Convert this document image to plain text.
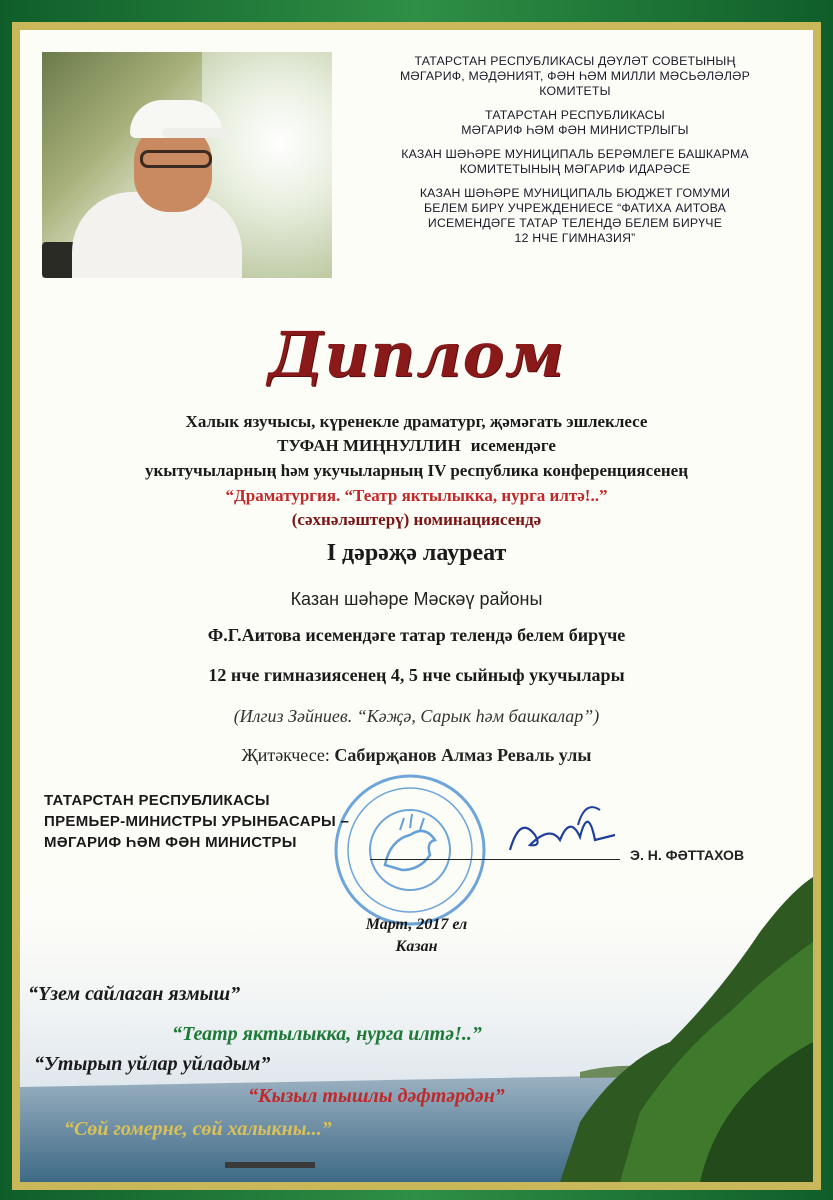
ТАТАРСТАН РЕСПУБЛИКАСЫ ДӘҮЛӘТ СОВЕТЫНЫҢ
МӘГАРИФ, МӘДӘНИЯТ, ФӘН ҺӘМ МИЛЛИ МӘСЬӘЛӘЛӘР
КОМИТЕТЫ
ТАТАРСТАН РЕСПУБЛИКАСЫ
МӘГАРИФ ҺӘМ ФӘН МИНИСТРЛЫГЫ
КАЗАН ШӘҺӘРЕ МУНИЦИПАЛЬ БЕРӘМЛЕГЕ БАШКАРМА
КОМИТЕТЫНЫҢ МӘГАРИФ ИДАРӘСЕ
КАЗАН ШӘҺӘРЕ МУНИЦИПАЛЬ БЮДЖЕТ ГОМУМИ
БЕЛЕМ БИРҮ УЧРЕЖДЕНИЕСЕ “ФАТИХА АИТОВА
ИСЕМЕНДӘГЕ ТАТАР ТЕЛЕНДӘ БЕЛЕМ БИРҮЧЕ
12 НЧЕ ГИМНАЗИЯ”
Диплом
Халык язучысы, күренекле драматург, җәмәгать эшлеклесе
ТУФАН МИҢНУЛЛИН исемендәге
укытучыларның һәм укучыларның IV республика конференциясенең
“Драматургия. “Театр яктылыкка, нурга илтә!..”
(сәхнәләштерү) номинациясендә
I дәрәҗә лауреат
Казан шәһәре Мәскәү районы
Ф.Г.Аитова исемендәге татар телендә белем бирүче
12 нче гимназиясенең 4, 5 нче сыйныф укучылары
(Илгиз Зәйниев. “Кәҗә, Сарык һәм башкалар”)
Җитәкчесе: Сабирҗанов Алмаз Реваль улы
ТАТАРСТАН РЕСПУБЛИКАСЫ
ПРЕМЬЕР-МИНИСТРЫ УРЫНБАСАРЫ –
МӘГАРИФ ҺӘМ ФӘН МИНИСТРЫ
Э. Н. ФӘТТАХОВ
Март, 2017 ел
Казан
“Үзем сайлаган язмыш”
“Театр яктылыкка, нурга илтә!..”
“Утырып уйлар уйладым”
“Кызыл тышлы дәфтәрдән”
“Сөй гомерне, сөй халыкны...”
